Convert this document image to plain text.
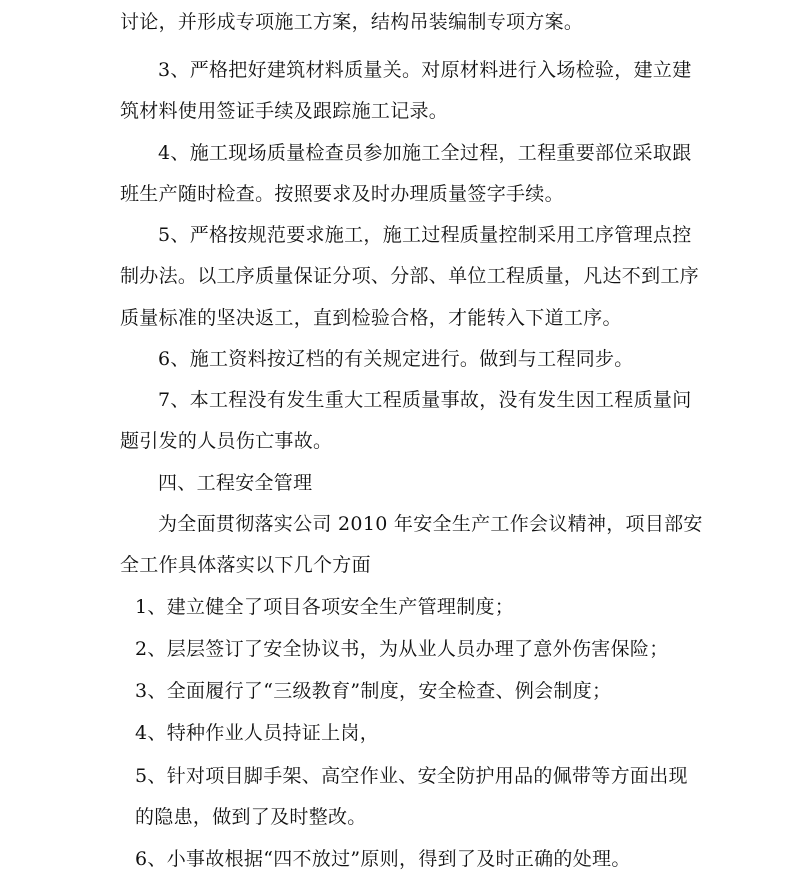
讨论，并形成专项施工方案，结构吊装编制专项方案。
3、严格把好建筑材料质量关。对原材料进行入场检验，建立建
筑材料使用签证手续及跟踪施工记录。
4、施工现场质量检查员参加施工全过程，工程重要部位采取跟
班生产随时检查。按照要求及时办理质量签字手续。
5、严格按规范要求施工，施工过程质量控制采用工序管理点控
制办法。以工序质量保证分项、分部、单位工程质量，凡达不到工序
质量标准的坚决返工，直到检验合格，才能转入下道工序。
6、施工资料按辽档的有关规定进行。做到与工程同步。
7、本工程没有发生重大工程质量事故，没有发生因工程质量问
题引发的人员伤亡事故。
四、工程安全管理
为全面贯彻落实公司 2010 年安全生产工作会议精神，项目部安
全工作具体落实以下几个方面
1、建立健全了项目各项安全生产管理制度；
2、层层签订了安全协议书，为从业人员办理了意外伤害保险；
3、全面履行了“三级教育”制度，安全检查、例会制度；
4、特种作业人员持证上岗，
5、针对项目脚手架、高空作业、安全防护用品的佩带等方面出现
的隐患，做到了及时整改。
6、小事故根据“四不放过”原则，得到了及时正确的处理。
